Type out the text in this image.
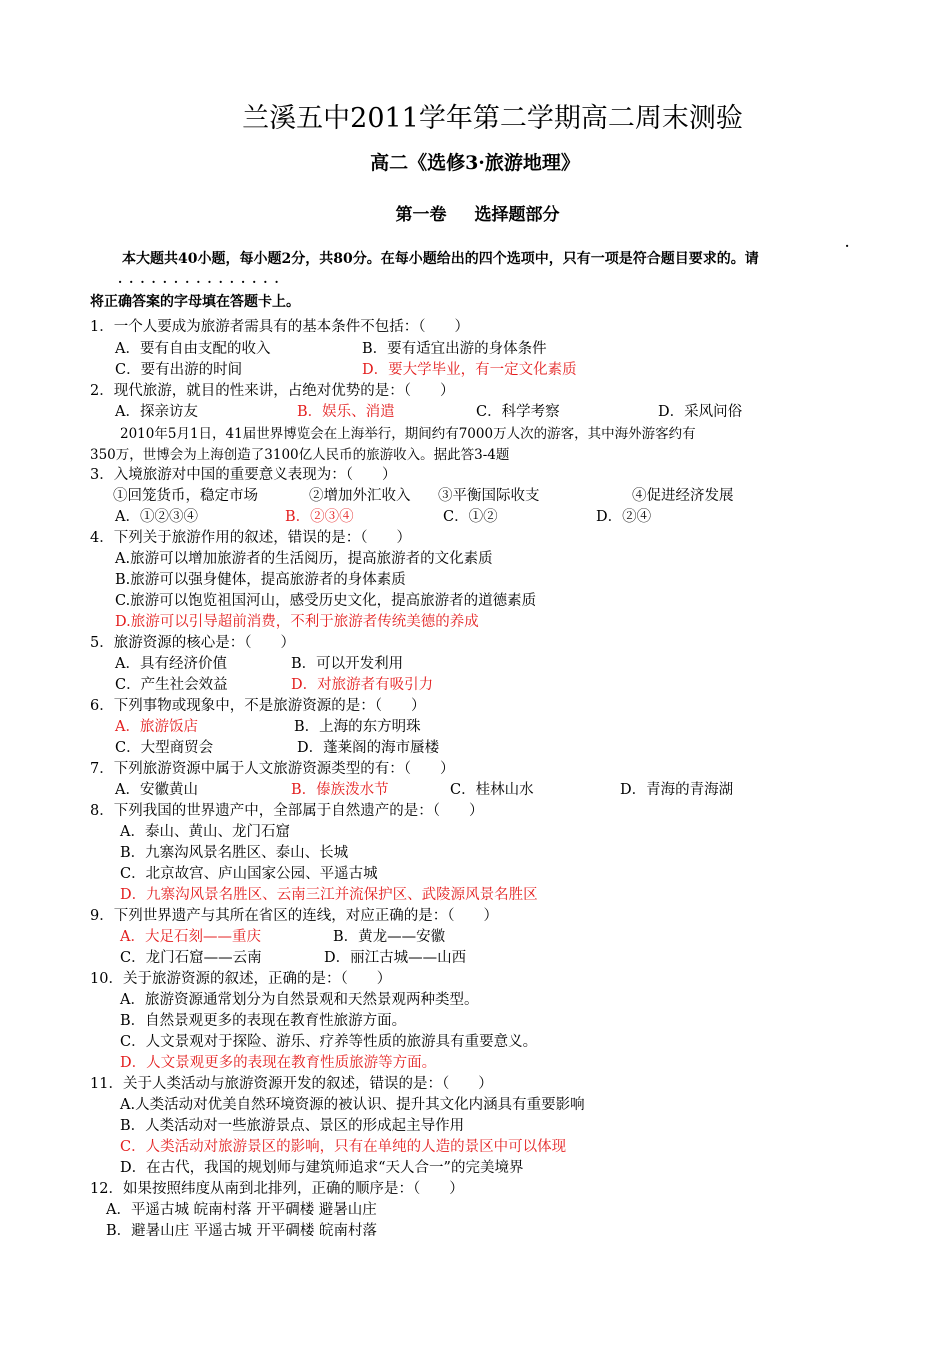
兰溪五中2011学年第二学期高二周末测验
高二《选修3·旅游地理》
第一卷 选择题部分
本大题共40小题，每小题2分，共80分。在每小题给出的四个选项中，只有一项是符合题目要求的。请
将正确答案的字母填在答题卡上。
.
...............
1．一个人要成为旅游者需具有的基本条件不包括：（　　）
A．要有自由支配的收入	B．要有适宜出游的身体条件
C．要有出游的时间	D．要大学毕业，有一定文化素质
2．现代旅游，就目的性来讲，占绝对优势的是：（　　）
A．探亲访友	B．娱乐、消遣	C．科学考察	D．采风问俗
2010年5月1日，41届世界博览会在上海举行，期间约有7000万人次的游客，其中海外游客约有
350万，世博会为上海创造了3100亿人民币的旅游收入。据此答3-4题
3．入境旅游对中国的重要意义表现为：（　　）
①回笼货币，稳定市场	②增加外汇收入 ③平衡国际收支	④促进经济发展
A．①②③④	B．②③④	C．①②	D．②④
4．下列关于旅游作用的叙述，错误的是：（　　）
A.旅游可以增加旅游者的生活阅历，提高旅游者的文化素质
B.旅游可以强身健体，提高旅游者的身体素质
C.旅游可以饱览祖国河山，感受历史文化，提高旅游者的道德素质
D.旅游可以引导超前消费，不利于旅游者传统美德的养成
5．旅游资源的核心是：（　　）
A．具有经济价值	B．可以开发利用
C．产生社会效益	D．对旅游者有吸引力
6．下列事物或现象中，不是旅游资源的是：（　　）
A．旅游饭店	B．上海的东方明珠
C．大型商贸会	D．蓬莱阁的海市蜃楼
7．下列旅游资源中属于人文旅游资源类型的有：（　　）
A．安徽黄山	B．傣族泼水节	C．桂林山水	D．青海的青海湖
8．下列我国的世界遗产中，全部属于自然遗产的是：（　　）
A．泰山、黄山、龙门石窟
B．九寨沟风景名胜区、泰山、长城
C．北京故宫、庐山国家公园、平遥古城
D．九寨沟风景名胜区、云南三江并流保护区、武陵源风景名胜区
9．下列世界遗产与其所在省区的连线，对应正确的是：（　　）
A．大足石刻——重庆	B．黄龙——安徽
C．龙门石窟——云南	D．丽江古城——山西
10．关于旅游资源的叙述，正确的是：（　　）
A．旅游资源通常划分为自然景观和天然景观两种类型。
B．自然景观更多的表现在教育性旅游方面。
C．人文景观对于探险、游乐、疗养等性质的旅游具有重要意义。
D．人文景观更多的表现在教育性质旅游等方面。
11．关于人类活动与旅游资源开发的叙述，错误的是：（　　）
A.人类活动对优美自然环境资源的被认识、提升其文化内涵具有重要影响
B．人类活动对一些旅游景点、景区的形成起主导作用
C．人类活动对旅游景区的影响，只有在单纯的人造的景区中可以体现
D．在古代，我国的规划师与建筑师追求“天人合一”的完美境界
12．如果按照纬度从南到北排列，正确的顺序是：（　　）
A．平遥古城 皖南村落 开平碉楼 避暑山庄
B．避暑山庄 平遥古城 开平碉楼 皖南村落
